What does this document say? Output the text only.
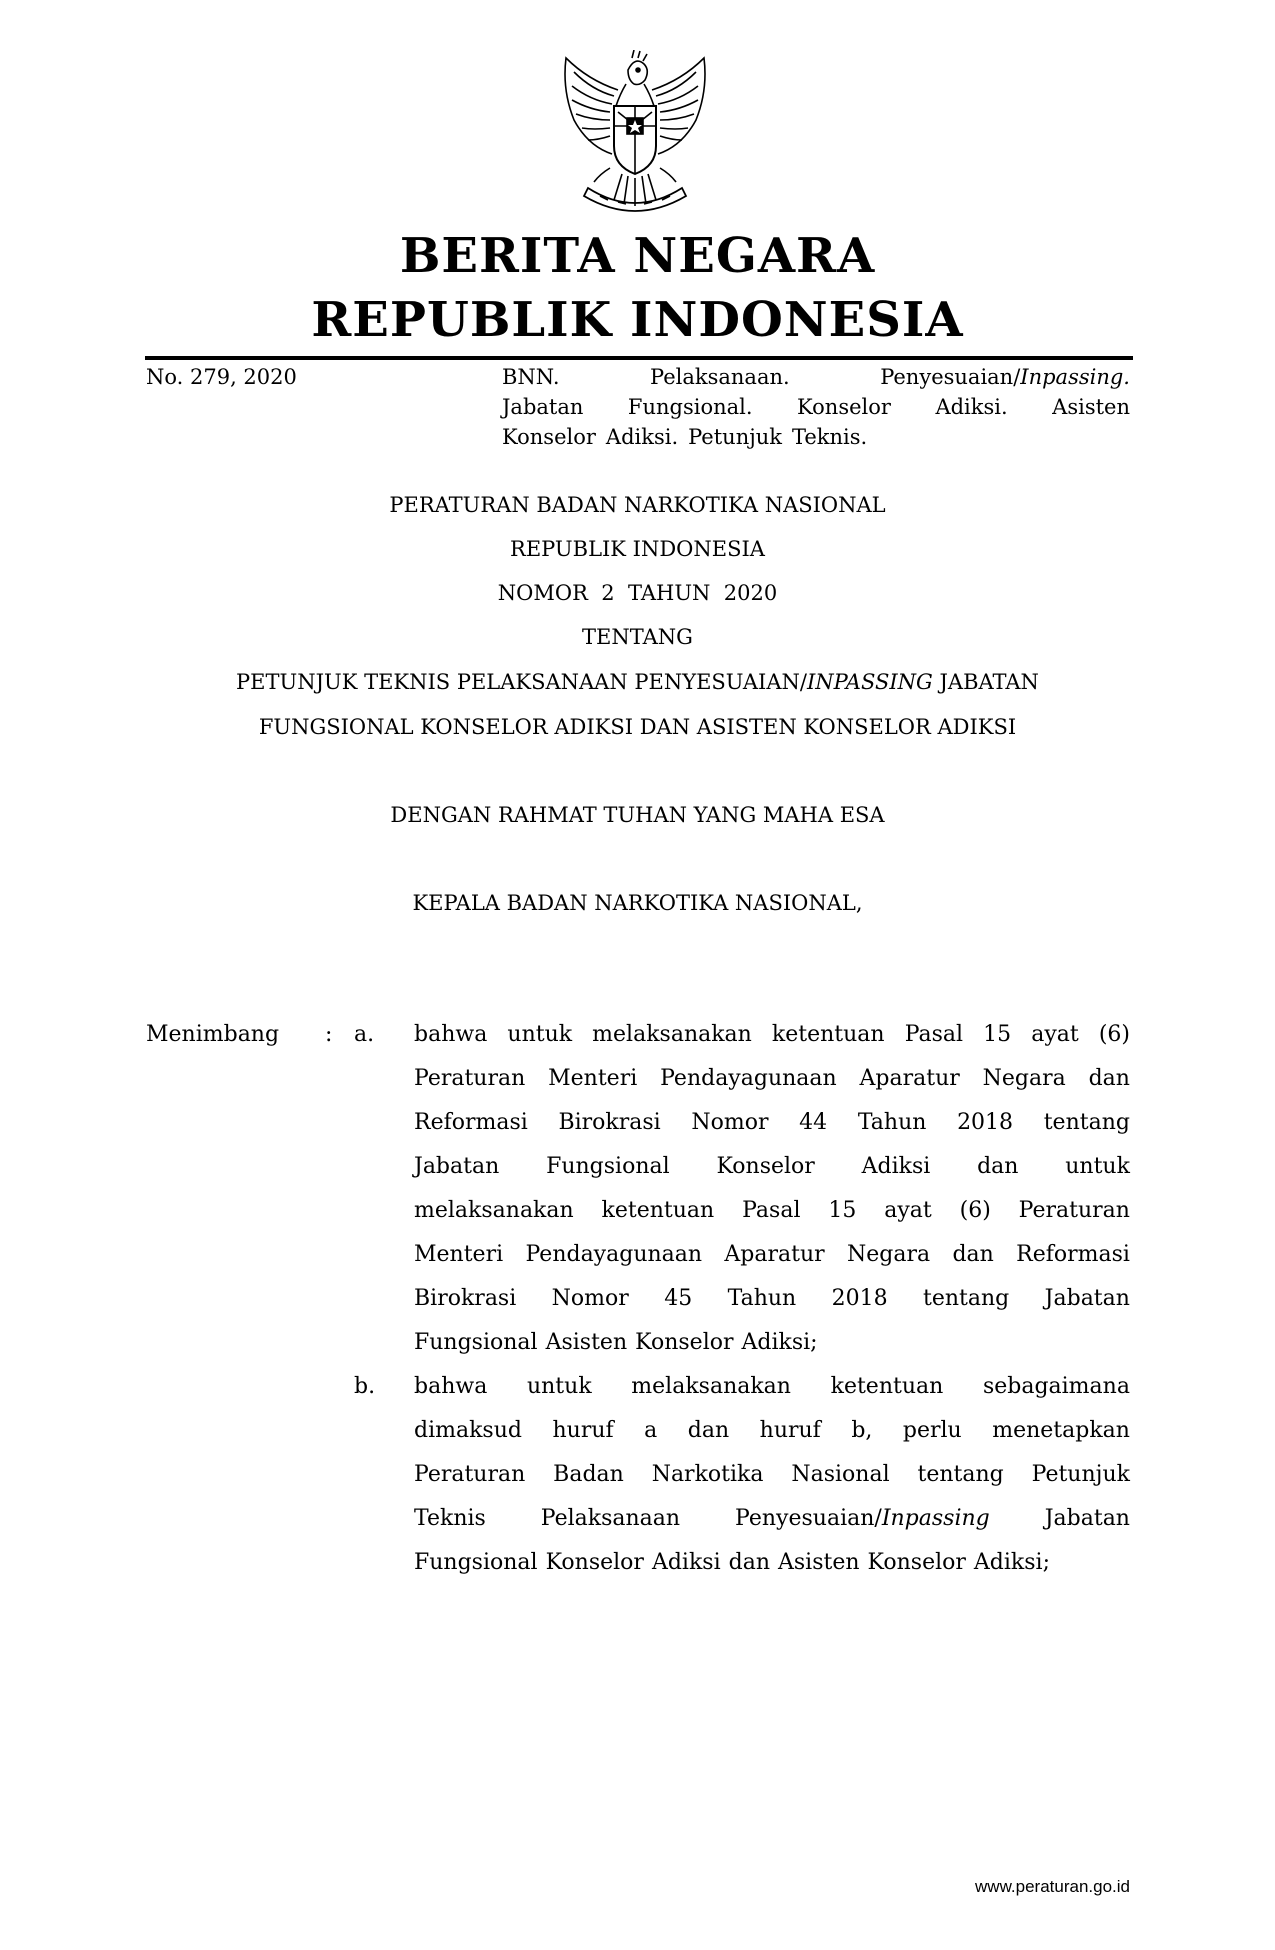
BERITA NEGARA
REPUBLIK INDONESIA
No. 279, 2020	BNN.	Pelaksanaan.	Penyesuaian/Inpassing.
Jabatan Fungsional. Konselor Adiksi. Asisten
Konselor Adiksi. Petunjuk Teknis.
PERATURAN BADAN NARKOTIKA NASIONAL
REPUBLIK INDONESIA
NOMOR  2  TAHUN  2020
TENTANG
PETUNJUK TEKNIS PELAKSANAAN PENYESUAIAN/INPASSING JABATAN
FUNGSIONAL KONSELOR ADIKSI DAN ASISTEN KONSELOR ADIKSI
DENGAN RAHMAT TUHAN YANG MAHA ESA
KEPALA BADAN NARKOTIKA NASIONAL,
Menimbang : a. bahwa untuk melaksanakan ketentuan Pasal 15 ayat (6)
Peraturan Menteri Pendayagunaan Aparatur Negara dan
Reformasi Birokrasi Nomor 44 Tahun 2018 tentang
Jabatan Fungsional Konselor Adiksi dan untuk
melaksanakan ketentuan Pasal 15 ayat (6) Peraturan
Menteri Pendayagunaan Aparatur Negara dan Reformasi
Birokrasi Nomor 45 Tahun 2018 tentang Jabatan
Fungsional Asisten Konselor Adiksi;
b. bahwa untuk melaksanakan ketentuan sebagaimana
dimaksud huruf a dan huruf b, perlu menetapkan
Peraturan Badan Narkotika Nasional tentang Petunjuk
Teknis Pelaksanaan Penyesuaian/Inpassing Jabatan
Fungsional Konselor Adiksi dan Asisten Konselor Adiksi;
www.peraturan.go.id
